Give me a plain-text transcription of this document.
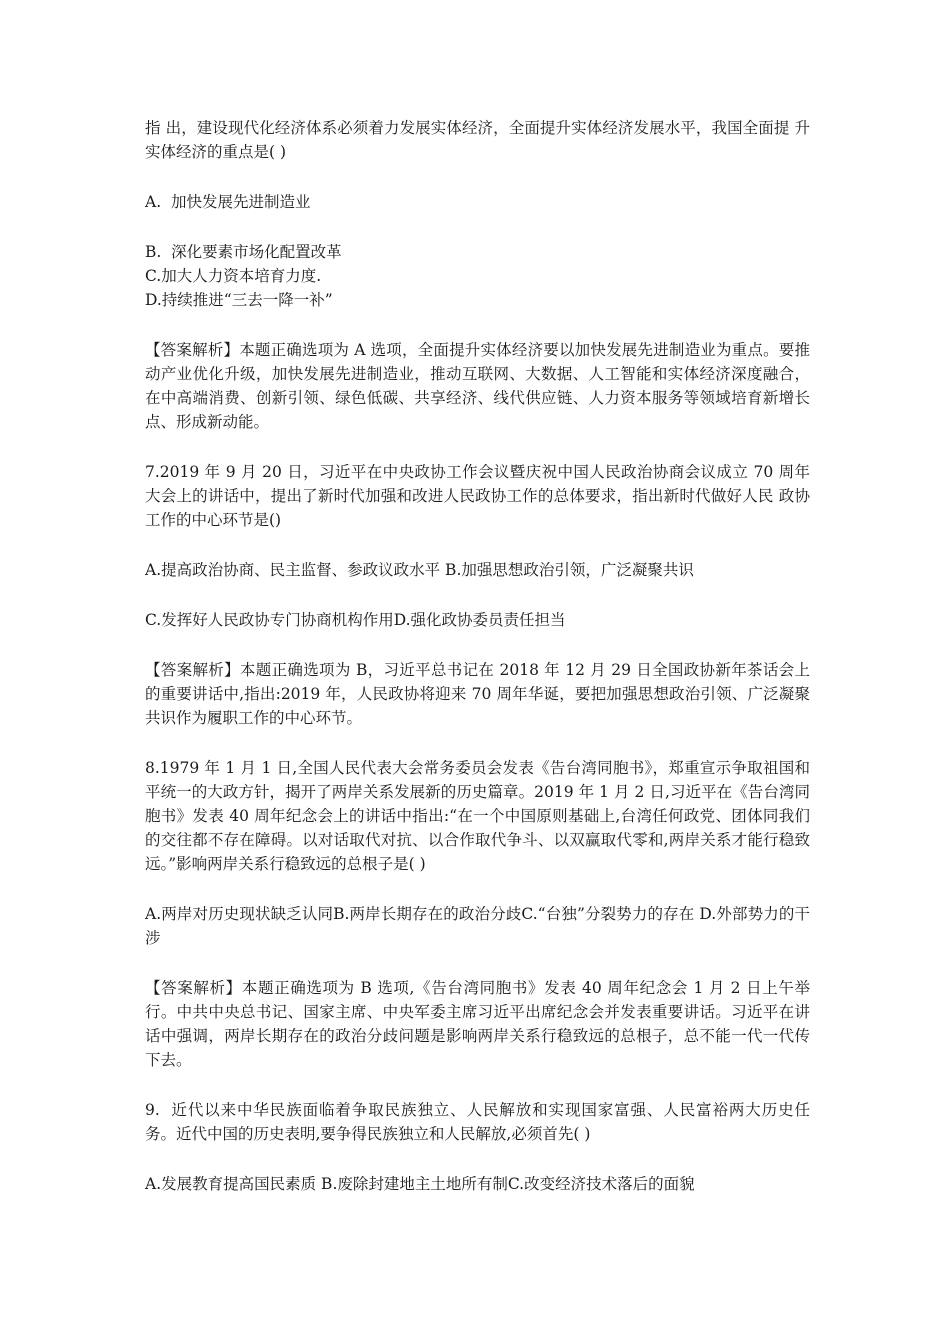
指 出，建设现代化经济体系必须着力发展实体经济，全面提升实体经济发展水平，我国全面提 升实体经济的重点是( )

A.  加快发展先进制造业

B.  深化要素市场化配置改革

C.加大人力资本培育力度.

D.持续推进“三去一降一补”

【答案解析】本题正确选项为 A 选项，全面提升实体经济要以加快发展先进制造业为重点。要推动产业优化升级，加快发展先进制造业，推动互联网、大数据、人工智能和实体经济深度融合，在中高端消费、创新引领、绿色低碳、共享经济、线代供应链、人力资本服务等领域培育新增长点、形成新动能。

7.2019 年 9 月 20 日，习近平在中央政协工作会议暨庆祝中国人民政治协商会议成立 70 周年大会上的讲话中，提出了新时代加强和改进人民政协工作的总体要求，指出新时代做好人民 政协工作的中心环节是()

A.提高政治协商、民主监督、参政议政水平 B.加强思想政治引领，广泛凝聚共识

C.发挥好人民政协专门协商机构作用D.强化政协委员责任担当

【答案解析】本题正确选项为 B，习近平总书记在 2018 年 12 月 29 日全国政协新年茶话会上的重要讲话中,指出:2019 年，人民政协将迎来 70 周年华诞，要把加强思想政治引领、广泛凝聚共识作为履职工作的中心环节。

8.1979 年 1 月 1 日,全国人民代表大会常务委员会发表《告台湾同胞书》，郑重宣示争取祖国和平统一的大政方针，揭开了两岸关系发展新的历史篇章。2019 年 1 月 2 日,习近平在《告台湾同胞书》发表 40 周年纪念会上的讲话中指出:“在一个中国原则基础上,台湾任何政党、团体同我们的交往都不存在障碍。以对话取代对抗、以合作取代争斗、以双赢取代零和,两岸关系才能行稳致远。”影响两岸关系行稳致远的总根子是( )

A.两岸对历史现状缺乏认同B.两岸长期存在的政治分歧C.“台独”分裂势力的存在 D.外部势力的干涉

【答案解析】本题正确选项为 B 选项,《告台湾同胞书》发表 40 周年纪念会 1 月 2 日上午举行。中共中央总书记、国家主席、中央军委主席习近平出席纪念会并发表重要讲话。习近平在讲话中强调，两岸长期存在的政治分歧问题是影响两岸关系行稳致远的总根子，总不能一代一代传下去。

9.  近代以来中华民族面临着争取民族独立、人民解放和实现国家富强、人民富裕两大历史任 务。近代中国的历史表明,要争得民族独立和人民解放,必须首先( )

A.发展教育提高国民素质 B.废除封建地主土地所有制C.改变经济技术落后的面貌
